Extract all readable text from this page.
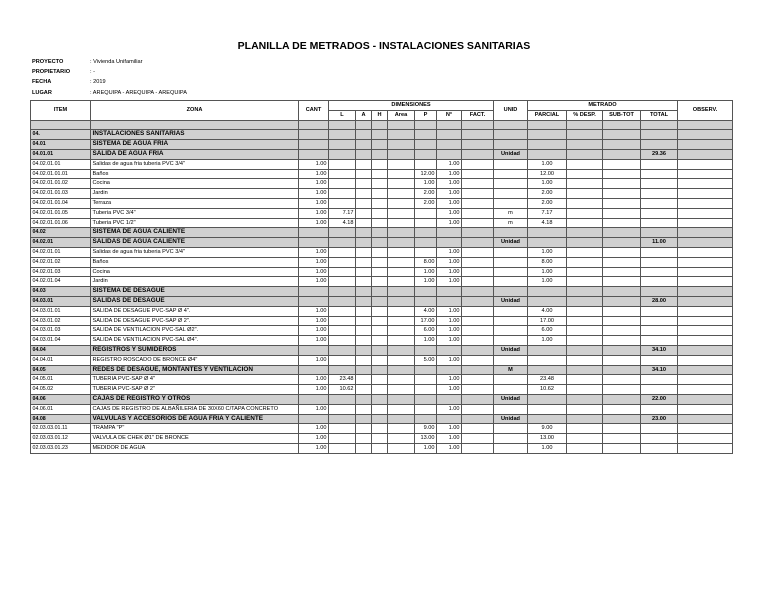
PLANILLA DE METRADOS - INSTALACIONES SANITARIAS
PROYECTO	: Vivienda Unifamiliar
PROPIETARIO	: -
FECHA	: 2019
LUGAR	: AREQUIPA - AREQUIPA - AREQUIPA
ITEM	ZONA	CANT	DIMENSIONES							UNID	METRADO				OBSERV.
			L	A	H	Area	P	N°	FACT.		PARCIAL	% DESP.	SUB-TOT	TOTAL	

04.	INSTALACIONES SANITARIAS														
04.01	SISTEMA DE AGUA FRIA														
04.01.01	SALIDA DE AGUA FRIA									Unidad				29.36	
04.02.01.01	Salidas de agua fria tuberia PVC 3/4"	1.00						1.00			1.00				
04.02.01.01.01	Baños	1.00					12.00	1.00			12.00				
04.02.01.01.02	Cocina	1.00					1.00	1.00			1.00				
04.02.01.01.03	Jardin	1.00					2.00	1.00			2.00				
04.02.01.01.04	Terraza	1.00					2.00	1.00			2.00				
04.02.01.01.05	Tuberia PVC 3/4"	1.00	7.17					1.00		m	7.17				
04.02.01.01.06	Tuberia PVC 1/2"	1.00	4.18					1.00		m	4.18				
04.02	SISTEMA DE AGUA CALIENTE														
04.02.01	SALIDAS DE AGUA CALIENTE									Unidad				11.00	
04.02.01.01	Salidas de agua fria tuberia PVC 3/4"	1.00						1.00			1.00				
04.02.01.02	Baños	1.00					8.00	1.00			8.00				
04.02.01.03	Cocina	1.00					1.00	1.00			1.00				
04.02.01.04	Jardin	1.00					1.00	1.00			1.00				
04.03	SISTEMA DE DESAGUE														
04.03.01	SALIDAS DE DESAGUE									Unidad				28.00	
04.03.01.01	SALIDA DE DESAGUE PVC-SAP Ø 4".	1.00					4.00	1.00			4.00				
04.03.01.02	SALIDA DE DESAGUE PVC-SAP Ø 2".	1.00					17.00	1.00			17.00				
04.03.01.03	SALIDA DE VENTILACION PVC-SAL Ø2".	1.00					6.00	1.00			6.00				
04.03.01.04	SALIDA DE VENTILACION PVC-SAL Ø4".	1.00					1.00	1.00			1.00				
04.04	REGISTROS Y SUMIDEROS									Unidad				34.10	
04.04.01	REGISTRO ROSCADO DE BRONCE Ø4"	1.00					5.00	1.00							
04.05	REDES DE DESAGUE, MONTANTES Y VENTILACION									M				34.10	
04.05.01	TUBERIA PVC-SAP Ø 4"	1.00	23.48					1.00			23.48				
04.05.02	TUBERIA PVC-SAP Ø 2"	1.00	10.62					1.00			10.62				
04.06	CAJAS DE REGISTRO Y OTROS									Unidad				22.00	
04.06.01	CAJAS DE REGISTRO DE ALBAÑILERIA DE 30X60 C/TAPA CONCRETO	1.00						1.00							
04.08	VALVULAS Y ACCESORIOS DE AGUA FRIA Y CALIENTE									Unidad				23.00	
02.03.03.01.11	TRAMPA "P"	1.00					9.00	1.00			9.00				
02.03.03.01.12	VALVULA DE CHEK Ø1" DE BRONCE	1.00					13.00	1.00			13.00				
02.03.03.01.23	MEDIDOR DE AGUA	1.00					1.00	1.00			1.00				
